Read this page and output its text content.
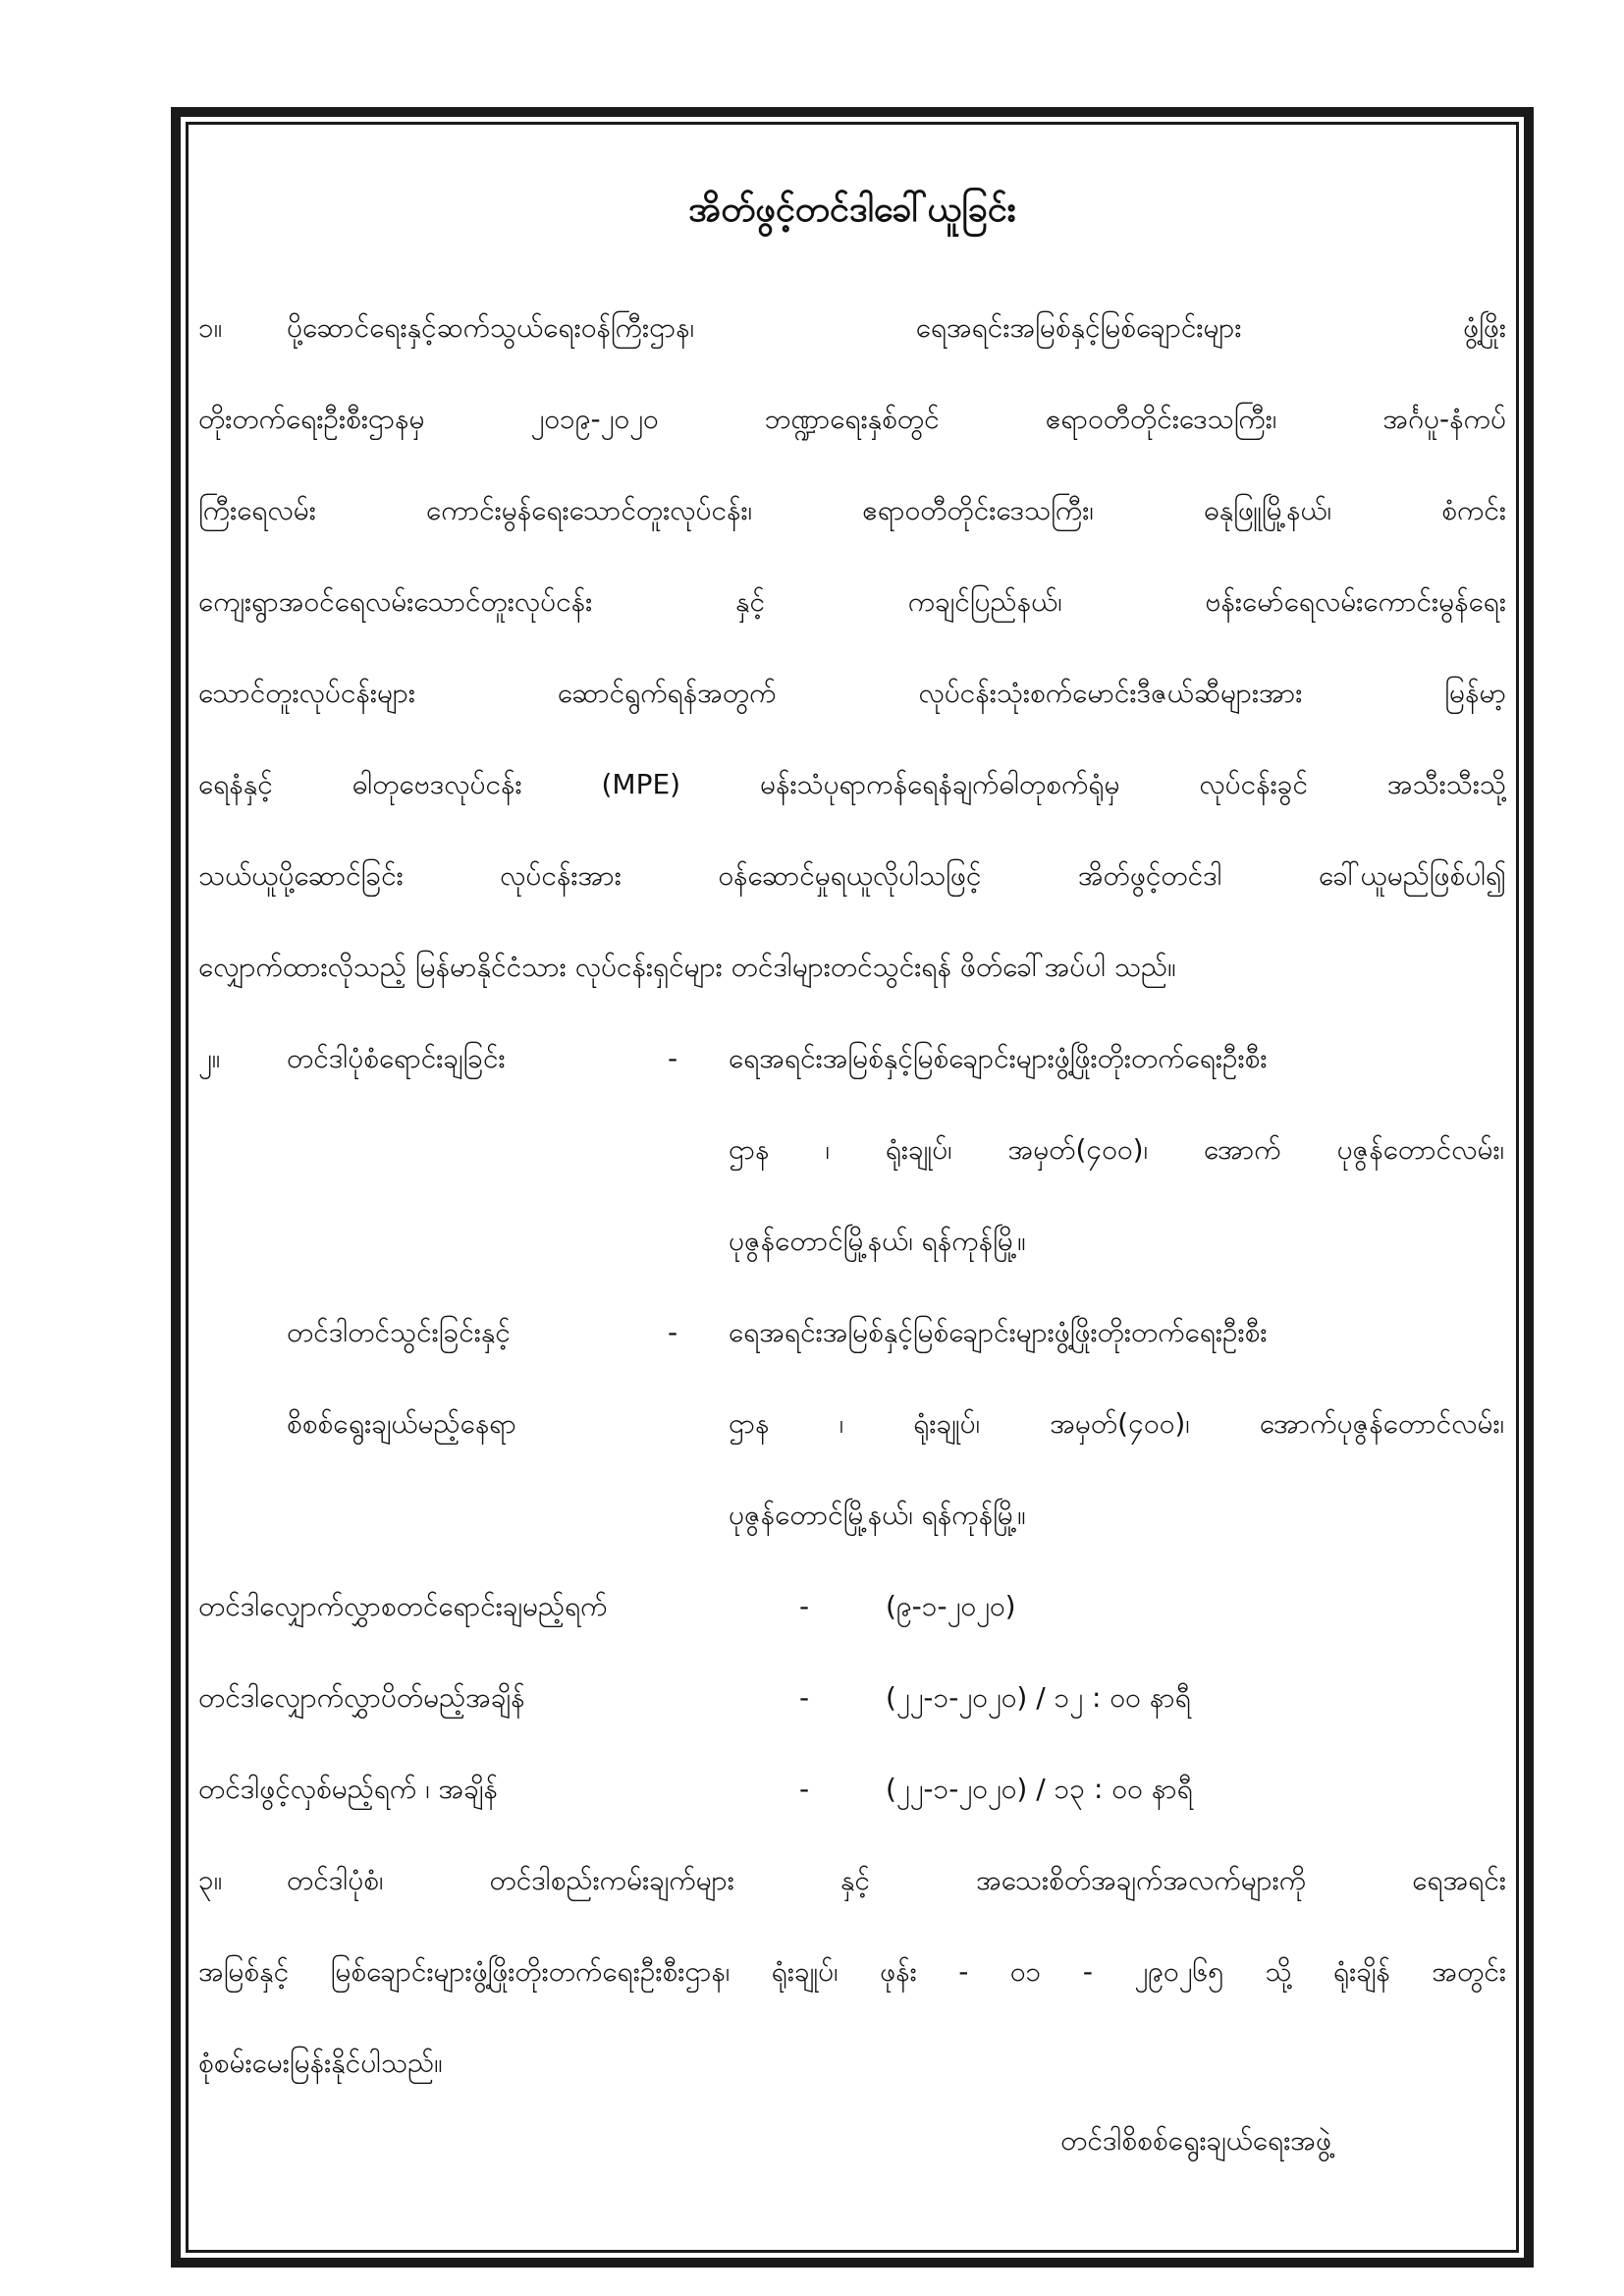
အိတ်ဖွင့်တင်ဒါခေါ်ယူခြင်း
၁။ ပို့ဆောင်ရေးနှင့်ဆက်သွယ်ရေးဝန်ကြီးဌာန၊ ရေအရင်းအမြစ်နှင့်မြစ်ချောင်းများ ဖွံ့ဖြိုး
တိုးတက်ရေးဦးစီးဌာနမှ ၂၀၁၉-၂၀၂၀ ဘဏ္ဍာရေးနှစ်တွင် ဧရာဝတီတိုင်းဒေသကြီး၊ အင်္ဂပူ-နံကပ်
ကြီးရေလမ်း ကောင်းမွန်ရေးသောင်တူးလုပ်ငန်း၊ ဧရာဝတီတိုင်းဒေသကြီး၊ ဓနုဖြူမြို့နယ်၊ စံကင်း
ကျေးရွာအဝင်ရေလမ်းသောင်တူးလုပ်ငန်း နှင့် ကချင်ပြည်နယ်၊ ဗန်းမော်ရေလမ်းကောင်းမွန်ရေး
သောင်တူးလုပ်ငန်းများ ဆောင်ရွက်ရန်အတွက် လုပ်ငန်းသုံးစက်မောင်းဒီဇယ်ဆီများအား မြန်မာ့
ရေနံနှင့် ဓါတုဗေဒလုပ်ငန်း (MPE) မန်းသံပုရာကန်ရေနံချက်ဓါတုစက်ရုံမှ လုပ်ငန်းခွင် အသီးသီးသို့
သယ်ယူပို့ဆောင်ခြင်း လုပ်ငန်းအား ဝန်ဆောင်မှုရယူလိုပါသဖြင့် အိတ်ဖွင့်တင်ဒါ ခေါ်ယူမည်ဖြစ်ပါ၍
လျှောက်ထားလိုသည့် မြန်မာနိုင်ငံသား လုပ်ငန်းရှင်များ တင်ဒါများတင်သွင်းရန် ဖိတ်ခေါ်အပ်ပါ သည်။
၂။ တင်ဒါပုံစံရောင်းချခြင်း	- ရေအရင်းအမြစ်နှင့်မြစ်ချောင်းများဖွံ့ဖြိုးတိုးတက်ရေးဦးစီး
ဌာန ၊ ရုံးချုပ်၊ အမှတ်(၄၀၀)၊ အောက် ပုဇွန်တောင်လမ်း၊
ပုဇွန်တောင်မြို့နယ်၊ ရန်ကုန်မြို့။
တင်ဒါတင်သွင်းခြင်းနှင့်	- ရေအရင်းအမြစ်နှင့်မြစ်ချောင်းများဖွံ့ဖြိုးတိုးတက်ရေးဦးစီး
စိစစ်ရွေးချယ်မည့်နေရာ	ဌာန ၊ ရုံးချုပ်၊ အမှတ်(၄၀၀)၊ အောက်ပုဇွန်တောင်လမ်း၊
ပုဇွန်တောင်မြို့နယ်၊ ရန်ကုန်မြို့။
တင်ဒါလျှောက်လွှာစတင်ရောင်းချမည့်ရက်	-	(၉-၁-၂၀၂၀)
တင်ဒါလျှောက်လွှာပိတ်မည့်အချိန်	-	(၂၂-၁-၂၀၂၀) / ၁၂ : ၀၀ နာရီ
တင်ဒါဖွင့်လှစ်မည့်ရက် ၊ အချိန်	-	(၂၂-၁-၂၀၂၀) / ၁၃ : ၀၀ နာရီ
၃။ တင်ဒါပုံစံ၊ တင်ဒါစည်းကမ်းချက်များ နှင့် အသေးစိတ်အချက်အလက်များကို ရေအရင်း
အမြစ်နှင့် မြစ်ချောင်းများဖွံ့ဖြိုးတိုးတက်ရေးဦးစီးဌာန၊ ရုံးချုပ်၊ ဖုန်း - ၀၁ - ၂၉၀၂၆၅ သို့ ရုံးချိန် အတွင်း
စုံစမ်းမေးမြန်းနိုင်ပါသည်။
တင်ဒါစိစစ်ရွေးချယ်ရေးအဖွဲ့
